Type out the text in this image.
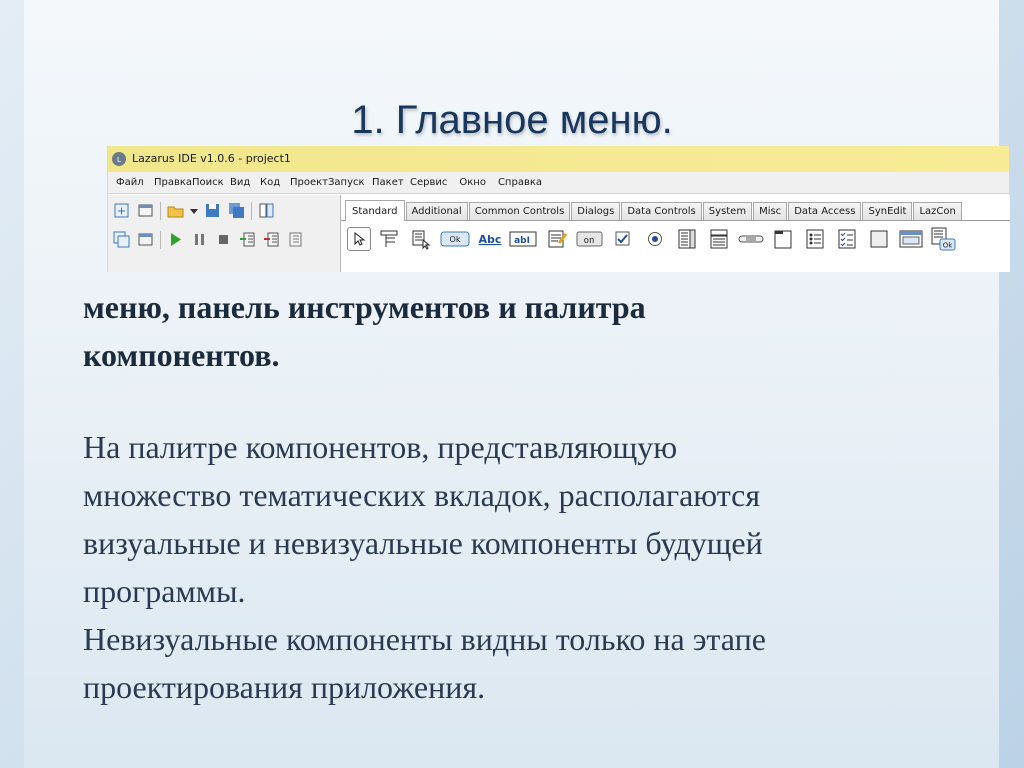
1. Главное меню.
L Lazarus IDE v1.0.6 - project1
Файл Правка Поиск Вид Код Проект Запуск Пакет Сервис Окно Справка
Standard	Additional	Common Controls	Dialogs	Data Controls	System	Misc	Data Access	SynEdit	LazCon
Ok Abc abI	on	Ok
меню, панель инструментов и палитра
компонентов.
На палитре компонентов, представляющую
множество тематических вкладок, располагаются
визуальные и невизуальные компоненты будущей
программы.
Невизуальные компоненты видны только на этапе
проектирования приложения.
